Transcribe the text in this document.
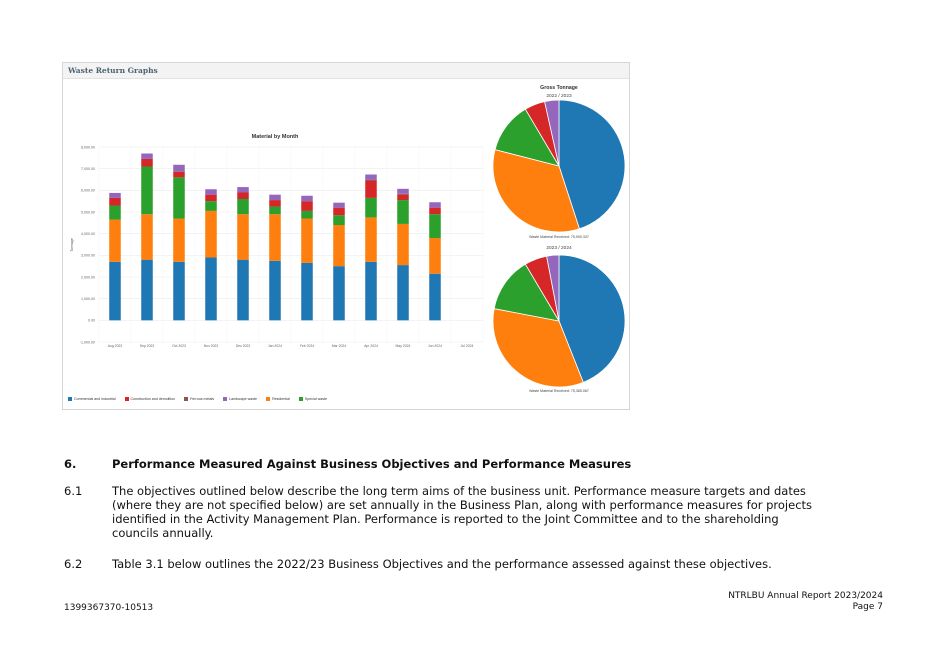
Waste Return Graphs
Material by Month
Tonnage
8,000.00
7,000.00
6,000.00
5,000.00
4,000.00
3,000.00
2,000.00
1,000.00
0.00
-1,000.00
Aug 2023	Sep 2023	Oct 2023	Nov 2023	Dec 2023	Jan 2024	Feb 2024	Mar 2024	Apr 2024	May 2024	Jun 2024	Jul 2024
Gross Tonnage
2022 / 2023
Waste Material Received: 75,900.337
2023 / 2024
Waste Material Received: 75,365.067
Commercial and industrial	Construction and demolition	Ferrous metals	Landscape waste	Residential	Special waste
6.	Performance Measured Against Business Objectives and Performance Measures
6.1	The objectives outlined below describe the long term aims of the business unit. Performance measure targets and dates
(where they are not specified below) are set annually in the Business Plan, along with performance measures for projects
identified in the Activity Management Plan. Performance is reported to the Joint Committee and to the shareholding
councils annually.
6.2	Table 3.1 below outlines the 2022/23 Business Objectives and the performance assessed against these objectives.
1399367370-10513
NTRLBU Annual Report 2023/2024
Page 7
